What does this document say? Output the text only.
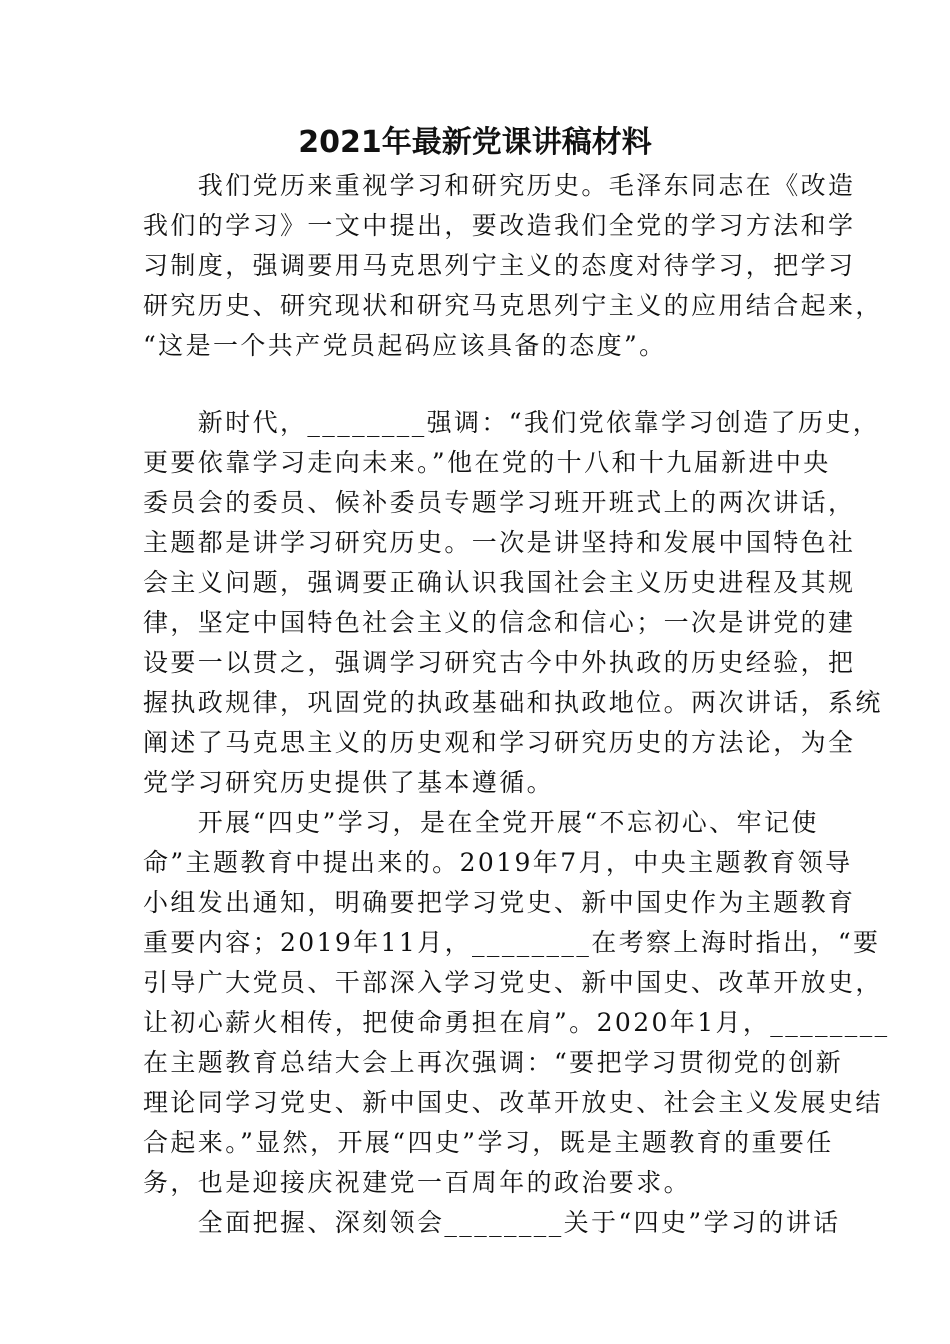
2021年最新党课讲稿材料
　　我们党历来重视学习和研究历史。毛泽东同志在《改造
我们的学习》一文中提出，要改造我们全党的学习方法和学
习制度，强调要用马克思列宁主义的态度对待学习，把学习
研究历史、研究现状和研究马克思列宁主义的应用结合起来，
“这是一个共产党员起码应该具备的态度”。
　　新时代，________强调：“我们党依靠学习创造了历史，
更要依靠学习走向未来。”他在党的十八和十九届新进中央
委员会的委员、候补委员专题学习班开班式上的两次讲话，
主题都是讲学习研究历史。一次是讲坚持和发展中国特色社
会主义问题，强调要正确认识我国社会主义历史进程及其规
律，坚定中国特色社会主义的信念和信心；一次是讲党的建
设要一以贯之，强调学习研究古今中外执政的历史经验，把
握执政规律，巩固党的执政基础和执政地位。两次讲话，系统
阐述了马克思主义的历史观和学习研究历史的方法论，为全
党学习研究历史提供了基本遵循。
　　开展“四史”学习，是在全党开展“不忘初心、牢记使
命”主题教育中提出来的。2019年7月，中央主题教育领导
小组发出通知，明确要把学习党史、新中国史作为主题教育
重要内容；2019年11月，________在考察上海时指出，“要
引导广大党员、干部深入学习党史、新中国史、改革开放史，
让初心薪火相传，把使命勇担在肩”。2020年1月，________
在主题教育总结大会上再次强调：“要把学习贯彻党的创新
理论同学习党史、新中国史、改革开放史、社会主义发展史结
合起来。”显然，开展“四史”学习，既是主题教育的重要任
务，也是迎接庆祝建党一百周年的政治要求。
　　全面把握、深刻领会________关于“四史”学习的讲话
